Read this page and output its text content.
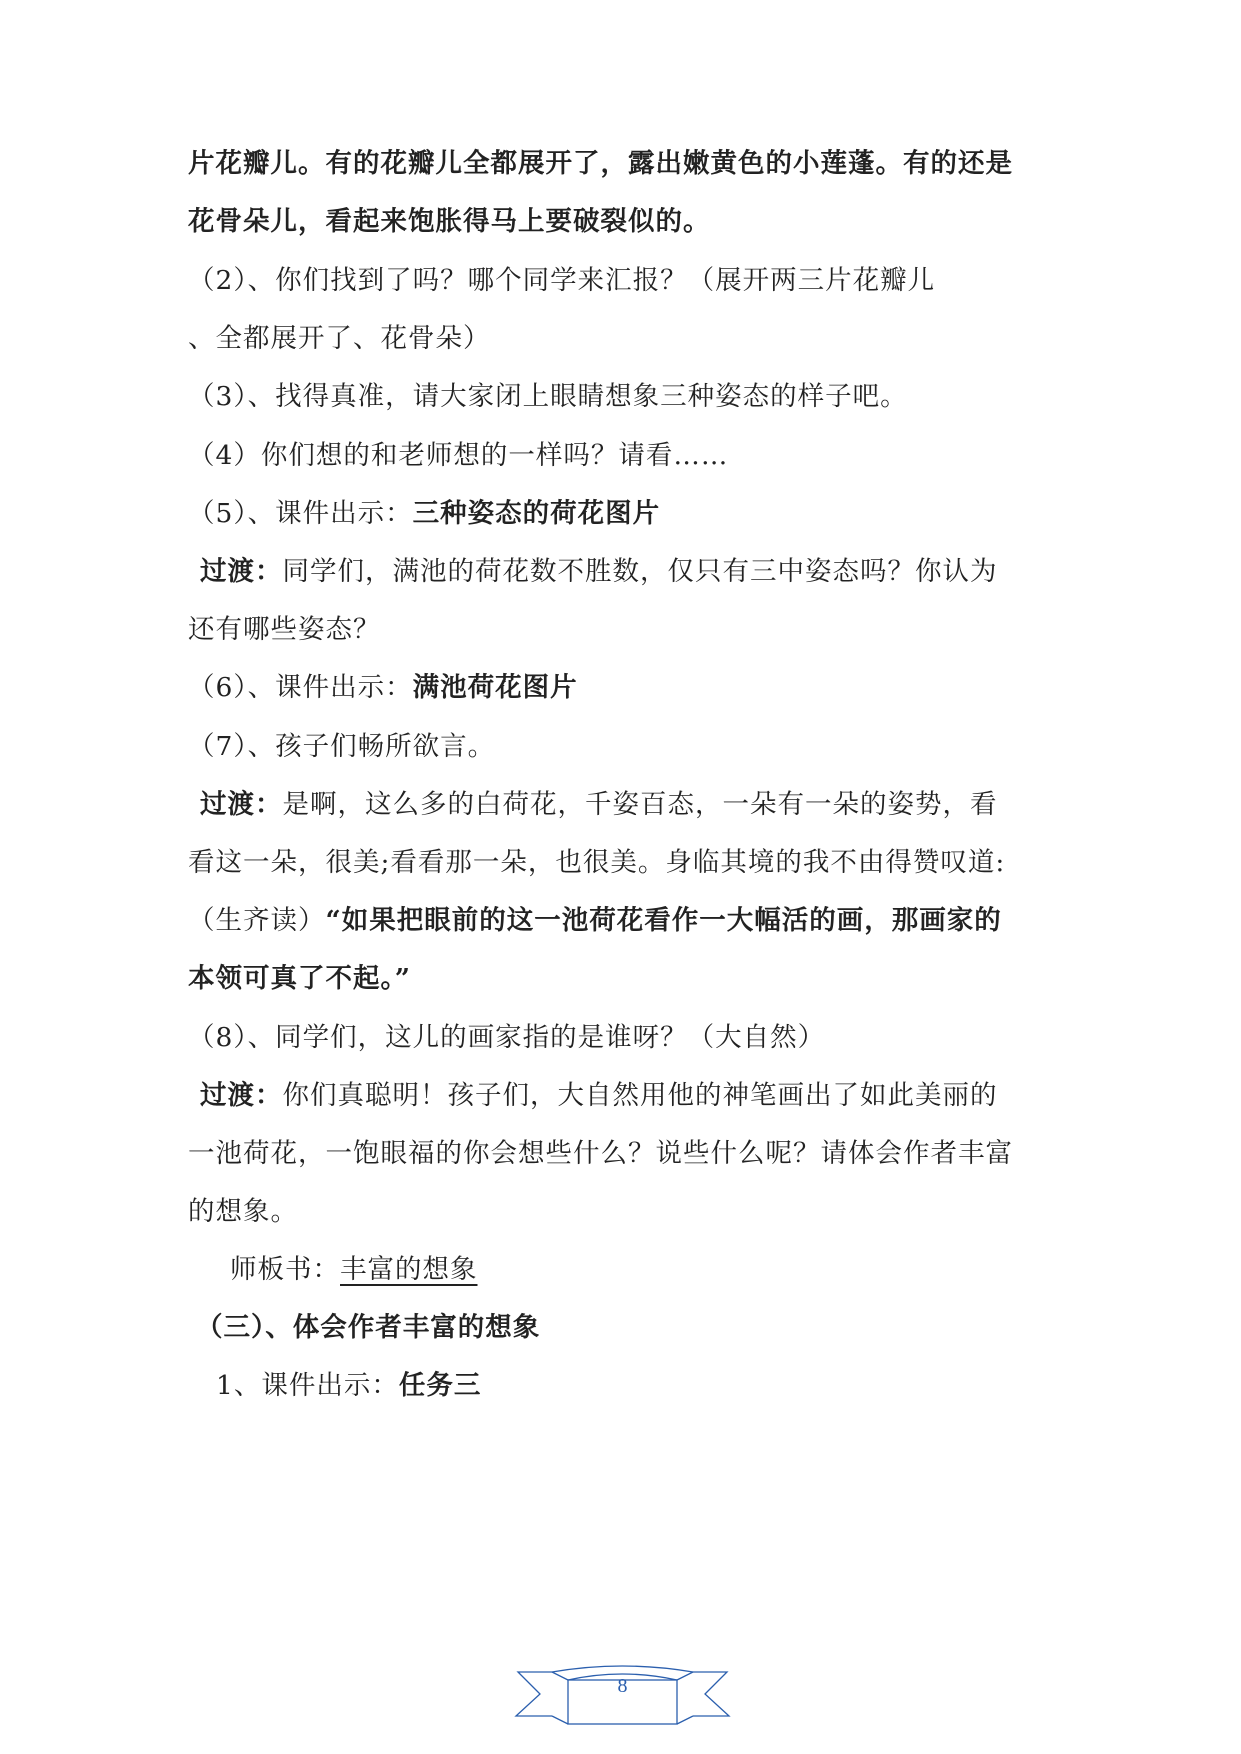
片花瓣儿。有的花瓣儿全都展开了，露出嫩黄色的小莲蓬。有的还是
花骨朵儿，看起来饱胀得马上要破裂似的。
（2）、你们找到了吗？哪个同学来汇报？（展开两三片花瓣儿
、全都展开了、花骨朵）
（3）、找得真准，请大家闭上眼睛想象三种姿态的样子吧。
（4）你们想的和老师想的一样吗？请看……
（5）、课件出示：三种姿态的荷花图片
过渡：同学们，满池的荷花数不胜数，仅只有三中姿态吗？你认为
还有哪些姿态？
（6）、课件出示：满池荷花图片
（7）、孩子们畅所欲言。
过渡：是啊，这么多的白荷花，千姿百态，一朵有一朵的姿势，看
看这一朵，很美;看看那一朵，也很美。身临其境的我不由得赞叹道:
（生齐读）“如果把眼前的这一池荷花看作一大幅活的画，那画家的
本领可真了不起。”
（8）、同学们，这儿的画家指的是谁呀？（大自然）
过渡：你们真聪明！孩子们，大自然用他的神笔画出了如此美丽的
一池荷花，一饱眼福的你会想些什么？说些什么呢？请体会作者丰富
的想象。
师板书：丰富的想象
（三）、体会作者丰富的想象
1、课件出示：任务三
8
